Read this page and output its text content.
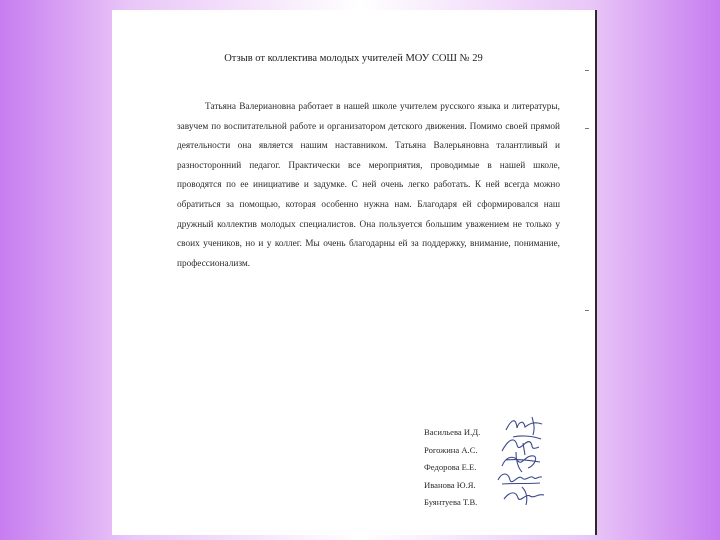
Отзыв от коллектива молодых учителей МОУ СОШ № 29

Татьяна Валериановна работает в нашей школе учителем русского языка и литературы, завучем по воспитательной работе и организатором детского движения. Помимо своей прямой деятельности она является нашим наставником. Татьяна Валерьяновна талантливый и разносторонний педагог. Практически все мероприятия, проводимые в нашей школе, проводятся по ее инициативе и задумке. С ней очень легко работать. К ней всегда можно обратиться за помощью, которая особенно нужна нам. Благодаря ей сформировался наш дружный коллектив молодых специалистов. Она пользуется большим уважением не только у своих учеников, но и у коллег. Мы очень благодарны ей за поддержку, внимание, понимание, профессионализм.

Васильева И.Д.
Рогожина А.С.
Федорова Е.Е.
Иванова Ю.Я.
Буянтуева Т.В.
